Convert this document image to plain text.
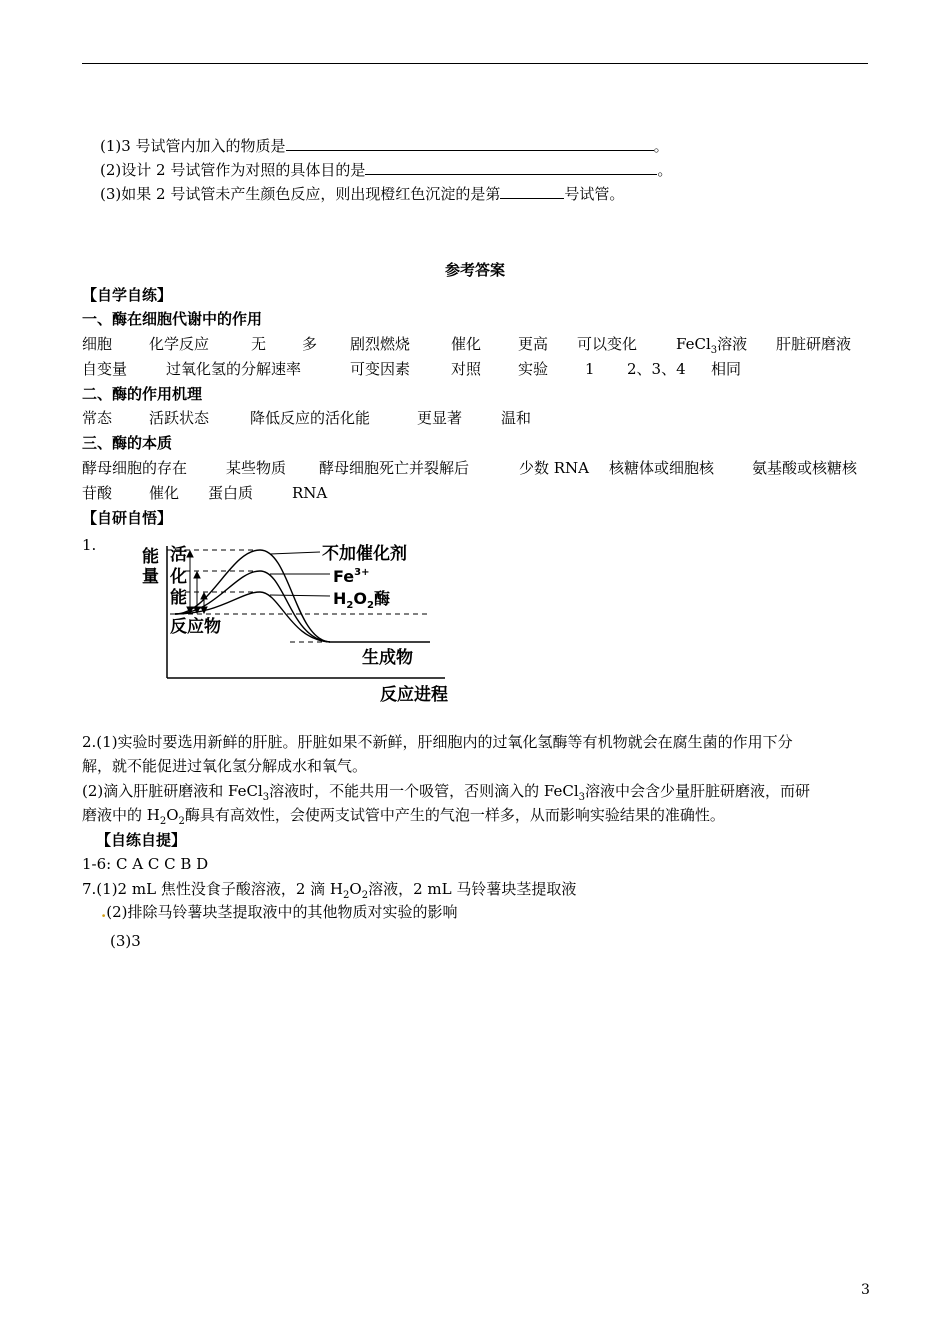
(1)3 号试管内加入的物质是	。
(2)设计 2 号试管作为对照的具体目的是	。
(3)如果 2 号试管未产生颜色反应，则出现橙红色沉淀的是第	号试管。
参考答案
【自学自练】
一、酶在细胞代谢中的作用
细胞 化学反应	无 多 剧烈燃烧	催化 更高 可以变化	FeCl$_3$溶液 肝脏研磨液
自变量	过氧化氢的分解速率	可变因素	对照 实验 1 2、3、4 相同
二、酶的作用机理
常态 活跃状态	降低反应的活化能	更显著	温和
三、酶的本质
酵母细胞的存在	某些物质 酵母细胞死亡并裂解后	少数 RNA 核糖体或细胞核	氨基酸或核糖核
苷酸 催化 蛋白质	RNA
【自研自悟】
1.
能
量
活
化
能
不加催化剂
$Fe^{3+}$
$H_2O_2$酶
反应物
生成物
反应进程
2.(1)实验时要选用新鲜的肝脏。肝脏如果不新鲜，肝细胞内的过氧化氢酶等有机物就会在腐生菌的作用下分
解，就不能促进过氧化氢分解成水和氧气。
(2)滴入肝脏研磨液和 FeCl$_3$溶液时，不能共用一个吸管，否则滴入的 FeCl$_3$溶液中会含少量肝脏研磨液，而研
磨液中的 $H_2O_2$酶具有高效性，会使两支试管中产生的气泡一样多，从而影响实验结果的准确性。
【自练自提】
1-6: C A C C B D
7.(1)2 mL 焦性没食子酸溶液，2 滴 $H_2O_2$溶液，2 mL 马铃薯块茎提取液
.(2)排除马铃薯块茎提取液中的其他物质对实验的影响
(3)3
3
